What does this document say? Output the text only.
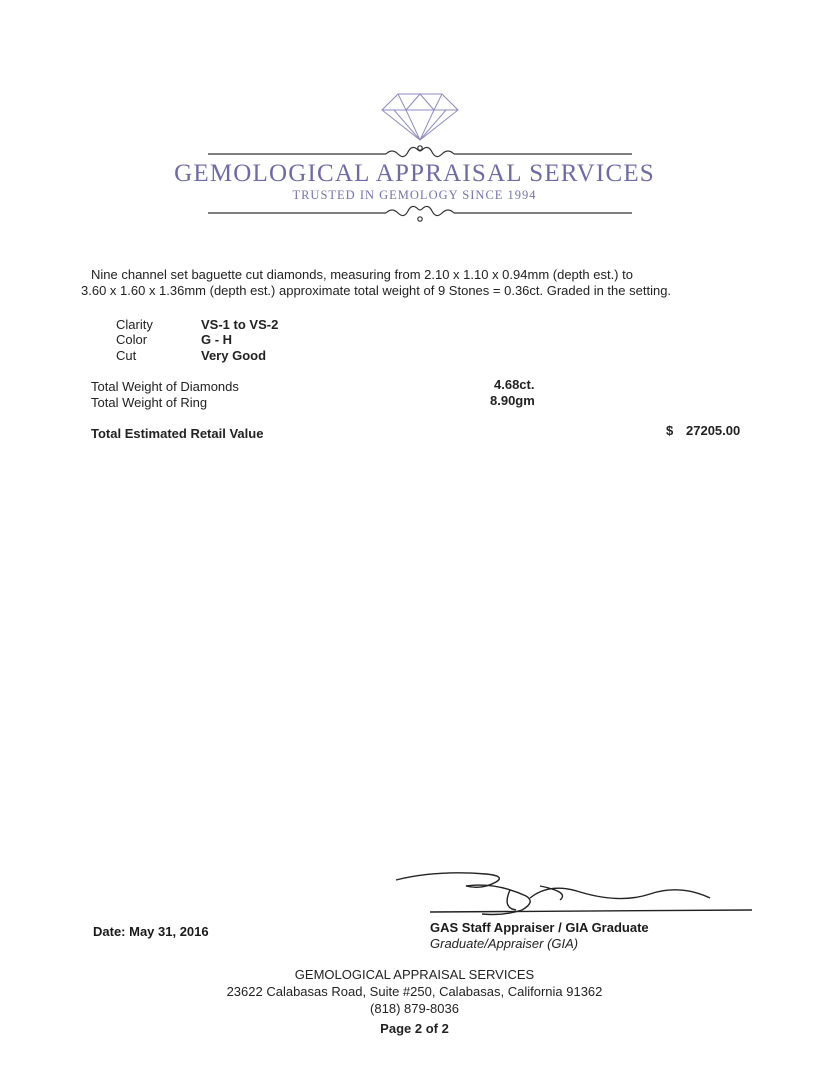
GEMOLOGICAL APPRAISAL SERVICES
TRUSTED IN GEMOLOGY SINCE 1994
Nine channel set baguette cut diamonds, measuring from 2.10 x 1.10 x 0.94mm (depth est.) to
3.60 x 1.60 x 1.36mm (depth est.) approximate total weight of 9 Stones = 0.36ct. Graded in the setting.
Clarity	VS-1 to VS-2
Color	G - H
Cut	Very Good
Total Weight of Diamonds	4.68ct.
Total Weight of Ring	8.90gm
Total Estimated Retail Value	$ 27205.00
Date: May 31, 2016	GAS Staff Appraiser / GIA Graduate
Graduate/Appraiser (GIA)
GEMOLOGICAL APPRAISAL SERVICES
23622 Calabasas Road, Suite #250, Calabasas, California 91362
(818) 879-8036
Page 2 of 2
